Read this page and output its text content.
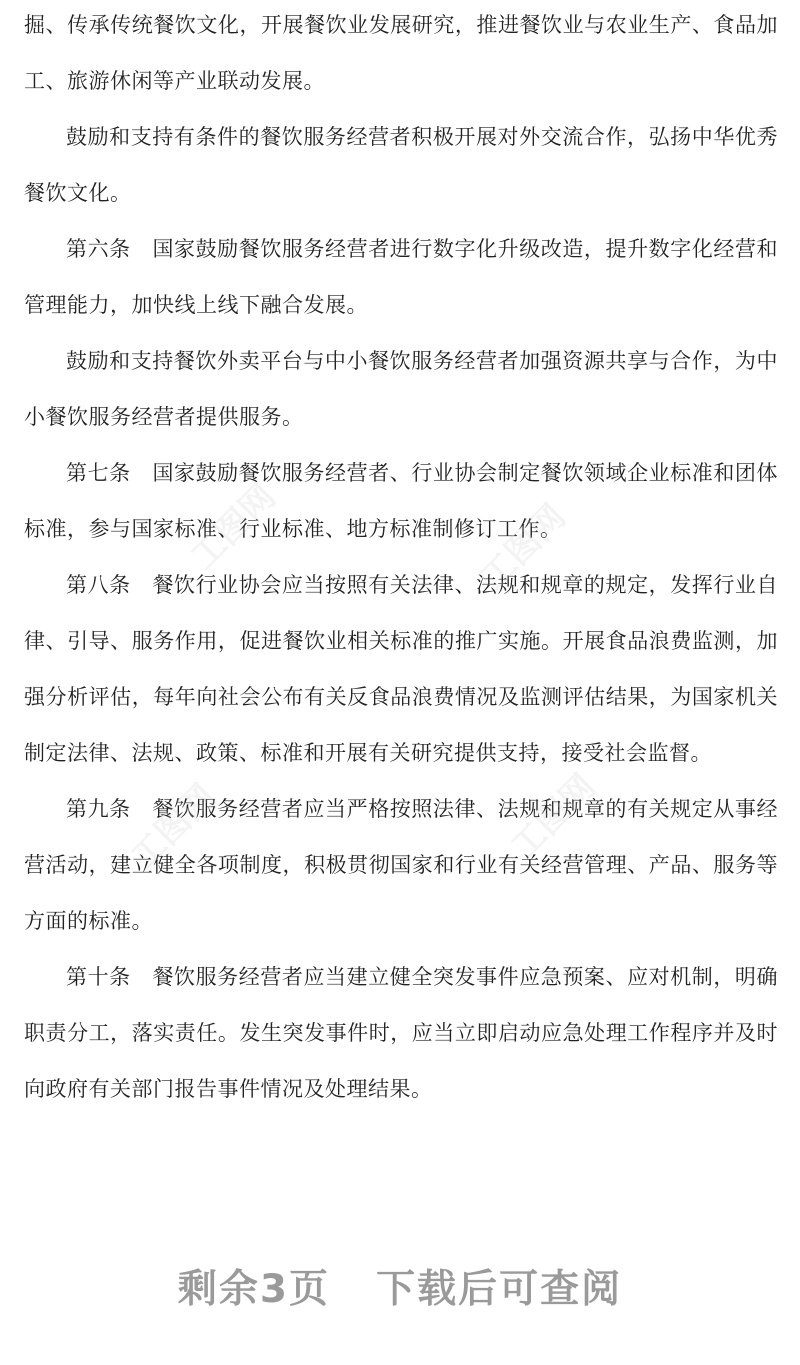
掘、传承传统餐饮文化，开展餐饮业发展研究，推进餐饮业与农业生产、食品加工、旅游休闲等产业联动发展。

鼓励和支持有条件的餐饮服务经营者积极开展对外交流合作，弘扬中华优秀餐饮文化。

第六条 国家鼓励餐饮服务经营者进行数字化升级改造，提升数字化经营和管理能力，加快线上线下融合发展。

鼓励和支持餐饮外卖平台与中小餐饮服务经营者加强资源共享与合作，为中小餐饮服务经营者提供服务。

第七条 国家鼓励餐饮服务经营者、行业协会制定餐饮领域企业标准和团体标准，参与国家标准、行业标准、地方标准制修订工作。

第八条 餐饮行业协会应当按照有关法律、法规和规章的规定，发挥行业自律、引导、服务作用，促进餐饮业相关标准的推广实施。开展食品浪费监测，加强分析评估，每年向社会公布有关反食品浪费情况及监测评估结果，为国家机关制定法律、法规、政策、标准和开展有关研究提供支持，接受社会监督。

第九条 餐饮服务经营者应当严格按照法律、法规和规章的有关规定从事经营活动，建立健全各项制度，积极贯彻国家和行业有关经营管理、产品、服务等方面的标准。

第十条 餐饮服务经营者应当建立健全突发事件应急预案、应对机制，明确职责分工，落实责任。发生突发事件时，应当立即启动应急处理工作程序并及时向政府有关部门报告事件情况及处理结果。

工图网	工图网
工图网	工图网
剩余3页 下载后可查阅
